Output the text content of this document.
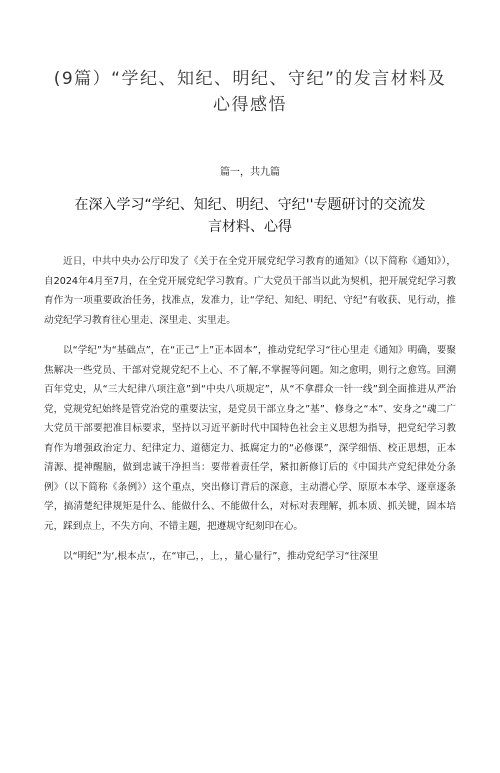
(9篇）“学纪、知纪、明纪、守纪”的发言材料及
心得感悟
篇一，共九篇
在深入学习“学纪、知纪、明纪、守纪''专题研讨的交流发
言材料、心得

近日，中共中央办公厅印发了《关于在全党开展党纪学习教育的通知》（以下简称《通知》），自2024年4月至7月，在全党开展党纪学习教育。广大党员干部当以此为契机，把开展党纪学习教育作为一项重要政治任务，找准点，发准力，让“学纪、知纪、明纪、守纪”有收获、见行动，推动党纪学习教育往心里走、深里走、实里走。

以“学纪”为“基础点”，在“正己”上”正本固本”，推动党纪学习“往心里走《通知》明确，要聚焦解决一些党员、干部对党规党纪不上心、不了解,不掌握等问题。知之愈明，则行之愈笃。回溯百年党史，从“三大纪律八项注意”到“中央八项规定”，从“不拿群众一针一线”到全面推进从严治党，党规党纪始终是管党治党的重要法宝，是党员干部立身之”基”、修身之“本”、安身之“魂二广大党员干部要把准目标要求，坚持以习近平新时代中国特色社会主义思想为指导，把党纪学习教育作为增强政治定力、纪律定力、道德定力、抵腐定力的“必修课”，深学细悟、校正思想，正本清源、提神醒脑，做到忠诚干净担当：要带着责任学，紧扣新修订后的《中国共产党纪律处分条例》（以下简称《条例》）这个重点，突出修订背后的深意，主动潜心学、原原本本学、逐章逐条学，搞清楚纪律规矩是什么、能做什么、不能做什么，对标对表理解，抓本质、抓关键，固本培元，踩到点上，不失方向、不错主题，把遵规守纪刻印在心。

以“明纪”为‘,根本点’,，在“审己，，上，，量心量行”，推动党纪学习“往深里
